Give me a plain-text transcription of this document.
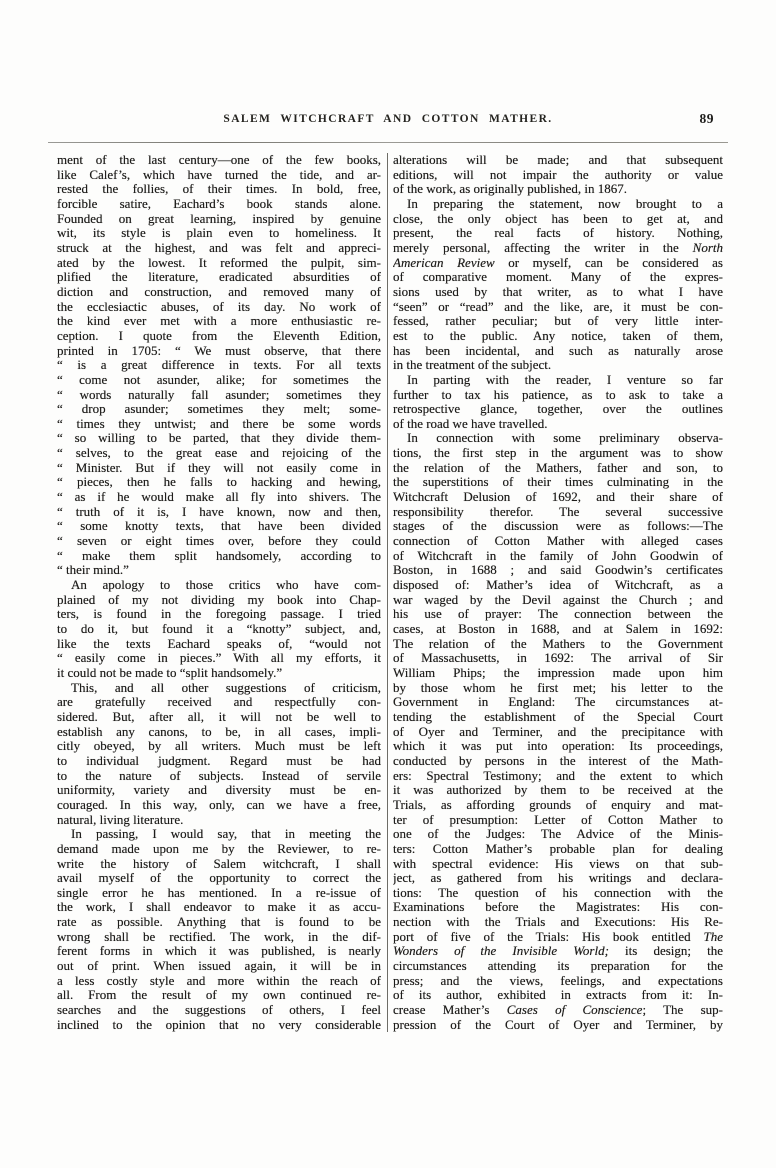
SALEM WITCHCRAFT AND COTTON MATHER.	89
ment of the last century—one of the few books,
like Calef’s, which have turned the tide, and ar-
rested the follies, of their times. In bold, free,
forcible satire, Eachard’s book stands alone.
Founded on great learning, inspired by genuine
wit, its style is plain even to homeliness. It
struck at the highest, and was felt and appreci-
ated by the lowest. It reformed the pulpit, sim-
plified the literature, eradicated absurdities of
diction and construction, and removed many of
the ecclesiactic abuses, of its day. No work of
the kind ever met with a more enthusiastic re-
ception. I quote from the Eleventh Edition,
printed in 1705: “ We must observe, that there
“ is a great difference in texts. For all texts
“ come not asunder, alike; for sometimes the
“ words naturally fall asunder; sometimes they
“ drop asunder; sometimes they melt; some-
“ times they untwist; and there be some words
“ so willing to be parted, that they divide them-
“ selves, to the great ease and rejoicing of the
“ Minister. But if they will not easily come in
“ pieces, then he falls to hacking and hewing,
“ as if he would make all fly into shivers. The
“ truth of it is, I have known, now and then,
“ some knotty texts, that have been divided
“ seven or eight times over, before they could
“ make them split handsomely, according to
“ their mind.”
An apology to those critics who have com-
plained of my not dividing my book into Chap-
ters, is found in the foregoing passage. I tried
to do it, but found it a “knotty” subject, and,
like the texts Eachard speaks of, “would not
“ easily come in pieces.” With all my efforts, it
it could not be made to “split handsomely.”
This, and all other suggestions of criticism,
are gratefully received and respectfully con-
sidered. But, after all, it will not be well to
establish any canons, to be, in all cases, impli-
citly obeyed, by all writers. Much must be left
to individual judgment. Regard must be had
to the nature of subjects. Instead of servile
uniformity, variety and diversity must be en-
couraged. In this way, only, can we have a free,
natural, living literature.
In passing, I would say, that in meeting the
demand made upon me by the Reviewer, to re-
write the history of Salem witchcraft, I shall
avail myself of the opportunity to correct the
single error he has mentioned. In a re-issue of
the work, I shall endeavor to make it as accu-
rate as possible. Anything that is found to be
wrong shall be rectified. The work, in the dif-
ferent forms in which it was published, is nearly
out of print. When issued again, it will be in
a less costly style and more within the reach of
all. From the result of my own continued re-
searches and the suggestions of others, I feel
inclined to the opinion that no very considerable
alterations will be made; and that subsequent
editions, will not impair the authority or value
of the work, as originally published, in 1867.
In preparing the statement, now brought to a
close, the only object has been to get at, and
present, the real facts of history. Nothing,
merely personal, affecting the writer in the North
American Review or myself, can be considered as
of comparative moment. Many of the expres-
sions used by that writer, as to what I have
“seen” or “read” and the like, are, it must be con-
fessed, rather peculiar; but of very little inter-
est to the public. Any notice, taken of them,
has been incidental, and such as naturally arose
in the treatment of the subject.
In parting with the reader, I venture so far
further to tax his patience, as to ask to take a
retrospective glance, together, over the outlines
of the road we have travelled.
In connection with some preliminary observa-
tions, the first step in the argument was to show
the relation of the Mathers, father and son, to
the superstitions of their times culminating in the
Witchcraft Delusion of 1692, and their share of
responsibility therefor. The several successive
stages of the discussion were as follows:—The
connection of Cotton Mather with alleged cases
of Witchcraft in the family of John Goodwin of
Boston, in 1688 ; and said Goodwin’s certificates
disposed of: Mather’s idea of Witchcraft, as a
war waged by the Devil against the Church ; and
his use of prayer: The connection between the
cases, at Boston in 1688, and at Salem in 1692:
The relation of the Mathers to the Government
of Massachusetts, in 1692: The arrival of Sir
William Phips; the impression made upon him
by those whom he first met; his letter to the
Government in England: The circumstances at-
tending the establishment of the Special Court
of Oyer and Terminer, and the precipitance with
which it was put into operation: Its proceedings,
conducted by persons in the interest of the Math-
ers: Spectral Testimony; and the extent to which
it was authorized by them to be received at the
Trials, as affording grounds of enquiry and mat-
ter of presumption: Letter of Cotton Mather to
one of the Judges: The Advice of the Minis-
ters: Cotton Mather’s probable plan for dealing
with spectral evidence: His views on that sub-
ject, as gathered from his writings and declara-
tions: The question of his connection with the
Examinations before the Magistrates: His con-
nection with the Trials and Executions: His Re-
port of five of the Trials: His book entitled The
Wonders of the Invisible World; its design; the
circumstances attending its preparation for the
press; and the views, feelings, and expectations
of its author, exhibited in extracts from it: In-
crease Mather’s Cases of Conscience; The sup-
pression of the Court of Oyer and Terminer, by
